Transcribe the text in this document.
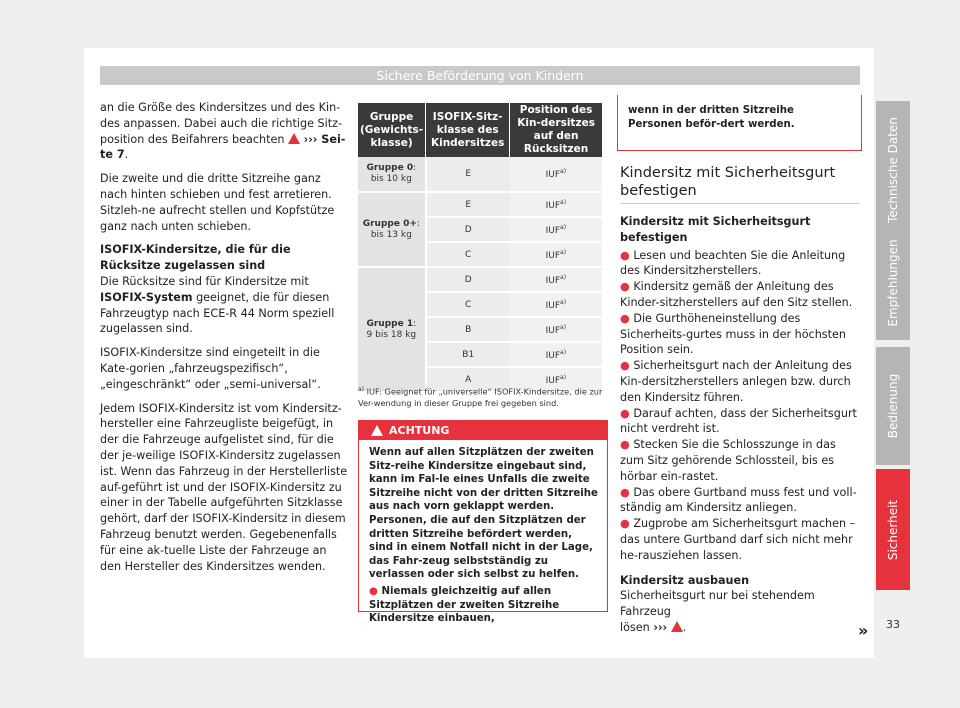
Sichere Beförderung von Kindern

an die Größe des Kindersitzes und des Kin-
des anpassen. Dabei auch die richtige Sitz-
position des Beifahrers beachten ››› Sei-
te 7.

Die zweite und die dritte Sitzreihe ganz nach hinten schieben und fest arretieren. Sitzleh-ne aufrecht stellen und Kopfstütze ganz nach unten schieben.

ISOFIX-Kindersitze, die für die Rücksitze zugelassen sind

Die Rücksitze sind für Kindersitze mit ISOFIX-System geeignet, die für diesen Fahrzeugtyp nach ECE-R 44 Norm speziell zugelassen sind.

ISOFIX-Kindersitze sind eingeteilt in die Kate-gorien „fahrzeugspezifisch“, „eingeschränkt“ oder „semi-universal“.

Jedem ISOFIX-Kindersitz ist vom Kindersitz-hersteller eine Fahrzeugliste beigefügt, in der die Fahrzeuge aufgelistet sind, für die der je-weilige ISOFIX-Kindersitz zugelassen ist. Wenn das Fahrzeug in der Herstellerliste auf-geführt ist und der ISOFIX-Kindersitz zu einer in der Tabelle aufgeführten Sitzklasse gehört, darf der ISOFIX-Kindersitz in diesem Fahrzeug benutzt werden. Gegebenenfalls für eine ak-tuelle Liste der Fahrzeuge an den Hersteller des Kindersitzes wenden.

Gruppe (Gewichts-klasse)	ISOFIX-Sitz-klasse des Kindersitzes	Position des Kin-dersitzes auf den Rücksitzen
Gruppe 0:
bis 10 kg	E	IUF$^{a)}$
Gruppe 0+:
bis 13 kg	E	IUF$^{a)}$
	D	IUF$^{a)}$
	C	IUF$^{a)}$
Gruppe 1:
9 bis 18 kg	D	IUF$^{a)}$
	C	IUF$^{a)}$
	B	IUF$^{a)}$
	B1	IUF$^{a)}$
	A	IUF$^{a)}$
$^{a)}$ IUF: Geeignet für „universelle“ ISOFIX-Kindersitze, die zur Ver-wendung in dieser Gruppe frei gegeben sind.
ACHTUNG

Wenn auf allen Sitzplätzen der zweiten Sitz-reihe Kindersitze eingebaut sind, kann im Fal-le eines Unfalls die zweite Sitzreihe nicht von der dritten Sitzreihe aus nach vorn geklappt werden. Personen, die auf den Sitzplätzen der dritten Sitzreihe befördert werden, sind in einem Notfall nicht in der Lage, das Fahr-zeug selbstständig zu verlassen oder sich selbst zu helfen.

● Niemals gleichzeitig auf allen Sitzplätzen der zweiten Sitzreihe Kindersitze einbauen,

wenn in der dritten Sitzreihe Personen beför-dert werden.
Kindersitz mit Sicherheitsgurt befestigen

Kindersitz mit Sicherheitsgurt befestigen

● Lesen und beachten Sie die Anleitung des Kindersitzherstellers.
● Kindersitz gemäß der Anleitung des Kinder-sitzherstellers auf den Sitz stellen.
● Die Gurthöheneinstellung des Sicherheits-gurtes muss in der höchsten Position sein.
● Sicherheitsgurt nach der Anleitung des Kin-dersitzherstellers anlegen bzw. durch den Kindersitz führen.
● Darauf achten, dass der Sicherheitsgurt nicht verdreht ist.
● Stecken Sie die Schlosszunge in das zum Sitz gehörende Schlossteil, bis es hörbar ein-rastet.
● Das obere Gurtband muss fest und voll-ständig am Kindersitz anliegen.
● Zugprobe am Sicherheitsgurt machen – das untere Gurtband darf sich nicht mehr he-rausziehen lassen.

Kindersitz ausbauen

Sicherheitsgurt nur bei stehendem Fahrzeug
lösen ››› .	»
Technische Daten
Empfehlungen
Bedienung
Sicherheit
33
